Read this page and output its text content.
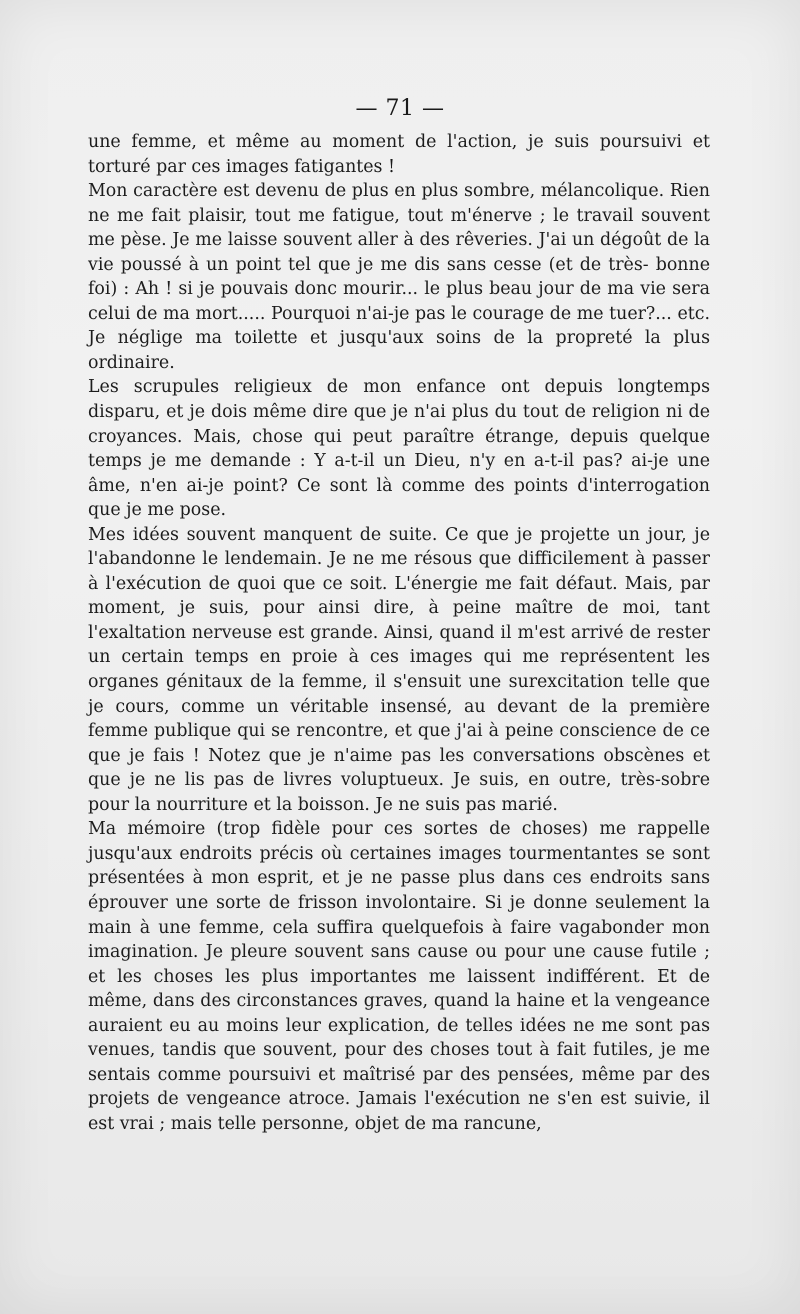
— 71 —

une femme, et même au moment de l'action, je suis poursuivi et torturé par ces images fatigantes !

Mon caractère est devenu de plus en plus sombre, mélancolique. Rien ne me fait plaisir, tout me fatigue, tout m'énerve ; le travail souvent me pèse. Je me laisse souvent aller à des rêveries. J'ai un dégoût de la vie poussé à un point tel que je me dis sans cesse (et de très- bonne foi) : Ah ! si je pouvais donc mourir... le plus beau jour de ma vie sera celui de ma mort..... Pourquoi n'ai-je pas le courage de me tuer?... etc. Je néglige ma toilette et jusqu'aux soins de la propreté la plus ordinaire.

Les scrupules religieux de mon enfance ont depuis longtemps disparu, et je dois même dire que je n'ai plus du tout de religion ni de croyances. Mais, chose qui peut paraître étrange, depuis quelque temps je me demande : Y a-t-il un Dieu, n'y en a-t-il pas? ai-je une âme, n'en ai-je point? Ce sont là comme des points d'interrogation que je me pose.

Mes idées souvent manquent de suite. Ce que je projette un jour, je l'abandonne le lendemain. Je ne me résous que difficilement à passer à l'exécution de quoi que ce soit. L'énergie me fait défaut. Mais, par moment, je suis, pour ainsi dire, à peine maître de moi, tant l'exaltation nerveuse est grande. Ainsi, quand il m'est arrivé de rester un certain temps en proie à ces images qui me représentent les organes génitaux de la femme, il s'ensuit une surexcitation telle que je cours, comme un véritable insensé, au devant de la première femme publique qui se rencontre, et que j'ai à peine conscience de ce que je fais ! Notez que je n'aime pas les conversations obscènes et que je ne lis pas de livres voluptueux. Je suis, en outre, très-sobre pour la nourriture et la boisson. Je ne suis pas marié.

Ma mémoire (trop fidèle pour ces sortes de choses) me rappelle jusqu'aux endroits précis où certaines images tourmentantes se sont présentées à mon esprit, et je ne passe plus dans ces endroits sans éprouver une sorte de frisson involontaire. Si je donne seulement la main à une femme, cela suffira quelquefois à faire vagabonder mon imagination. Je pleure souvent sans cause ou pour une cause futile ; et les choses les plus importantes me laissent indifférent. Et de même, dans des circonstances graves, quand la haine et la vengeance auraient eu au moins leur explication, de telles idées ne me sont pas venues, tandis que souvent, pour des choses tout à fait futiles, je me sentais comme poursuivi et maîtrisé par des pensées, même par des projets de vengeance atroce. Jamais l'exécution ne s'en est suivie, il est vrai ; mais telle personne, objet de ma rancune,
